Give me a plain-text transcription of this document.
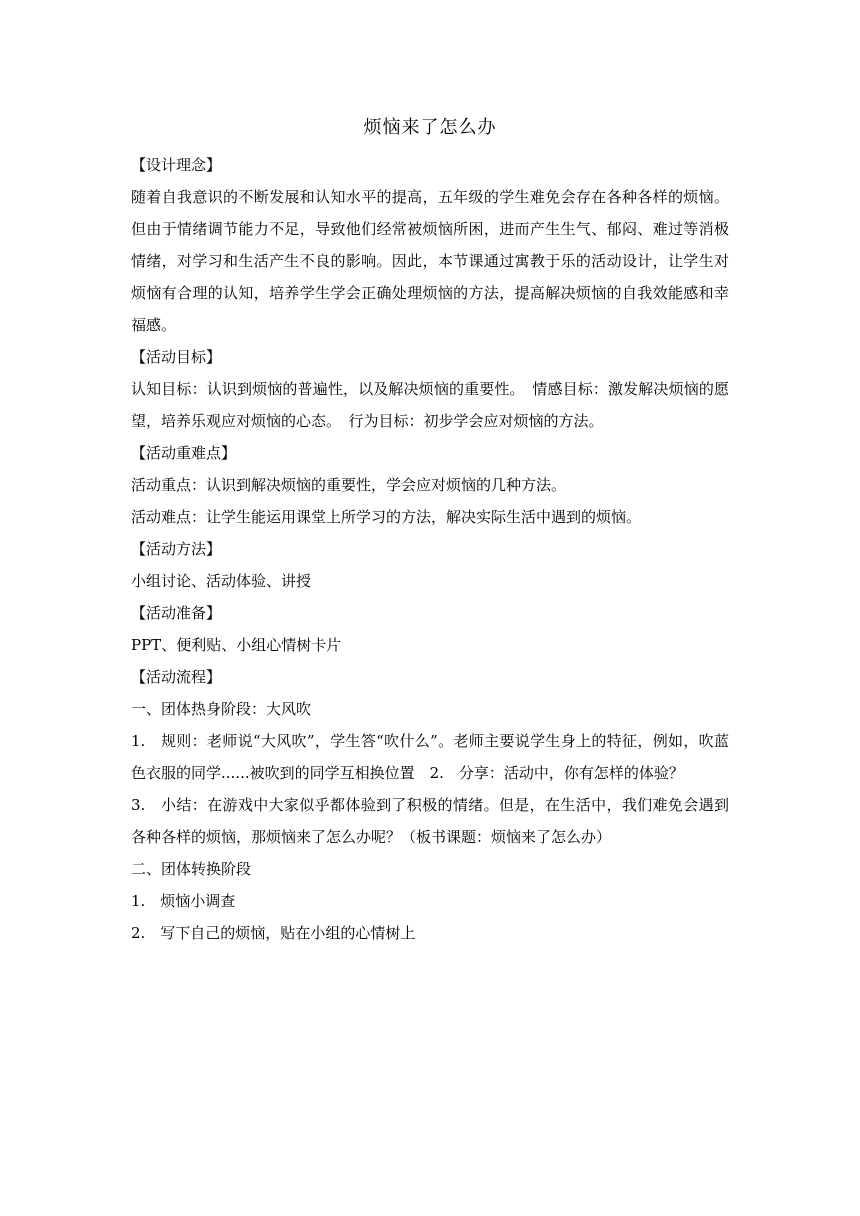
烦恼来了怎么办

【设计理念】

随着自我意识的不断发展和认知水平的提高，五年级的学生难免会存在各种各样的烦恼。但由于情绪调节能力不足，导致他们经常被烦恼所困，进而产生生气、郁闷、难过等消极情绪，对学习和生活产生不良的影响。因此，本节课通过寓教于乐的活动设计，让学生对烦恼有合理的认知，培养学生学会正确处理烦恼的方法，提高解决烦恼的自我效能感和幸福感。

【活动目标】

认知目标：认识到烦恼的普遍性，以及解决烦恼的重要性。　情感目标：激发解决烦恼的愿望，培养乐观应对烦恼的心态。　行为目标：初步学会应对烦恼的方法。

【活动重难点】

活动重点：认识到解决烦恼的重要性，学会应对烦恼的几种方法。

活动难点：让学生能运用课堂上所学习的方法，解决实际生活中遇到的烦恼。

【活动方法】

小组讨论、活动体验、讲授

【活动准备】

PPT、便利贴、小组心情树卡片

【活动流程】

一、团体热身阶段：大风吹

1.　规则：老师说“大风吹”，学生答“吹什么”。老师主要说学生身上的特征，例如，吹蓝色衣服的同学......被吹到的同学互相换位置　2.　分享：活动中，你有怎样的体验？

3.　小结：在游戏中大家似乎都体验到了积极的情绪。但是，在生活中，我们难免会遇到各种各样的烦恼，那烦恼来了怎么办呢？（板书课题：烦恼来了怎么办）

二、团体转换阶段

1.　烦恼小调查

2.　写下自己的烦恼，贴在小组的心情树上
